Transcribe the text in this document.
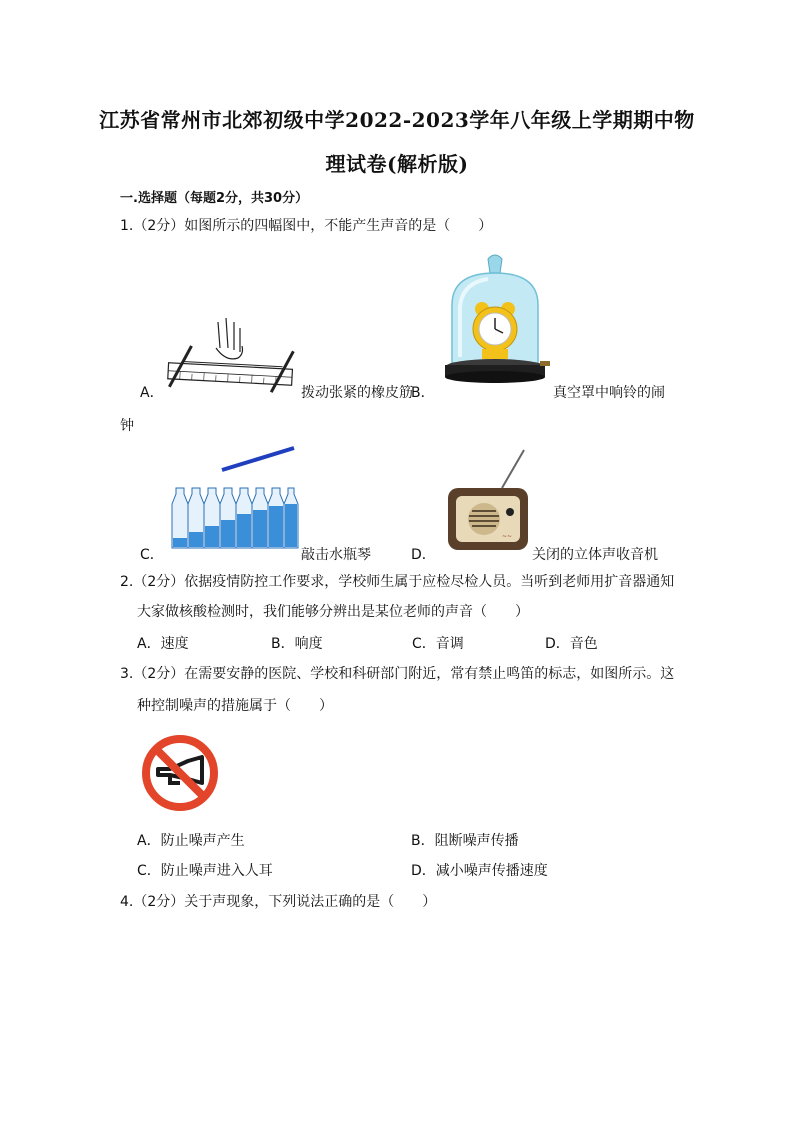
江苏省常州市北郊初级中学2022-2023学年八年级上学期期中物
理试卷(解析版)
一.选择题（每题2分，共30分）
1.（2分）如图所示的四幅图中，不能产生声音的是（　　）
A．	拨动张紧的橡皮筋
B．	真空罩中响铃的闹
钟
C．	敲击水瓶琴
~~
D．	关闭的立体声收音机
2.（2分）依据疫情防控工作要求，学校师生属于应检尽检人员。当听到老师用扩音器通知
大家做核酸检测时，我们能够分辨出是某位老师的声音（　　）
A．速度	B．响度	C．音调	D．音色
3.（2分）在需要安静的医院、学校和科研部门附近，常有禁止鸣笛的标志，如图所示。这
种控制噪声的措施属于（　　）
A．防止噪声产生	B．阻断噪声传播
C．防止噪声进入人耳	D．减小噪声传播速度
4.（2分）关于声现象，下列说法正确的是（　　）
